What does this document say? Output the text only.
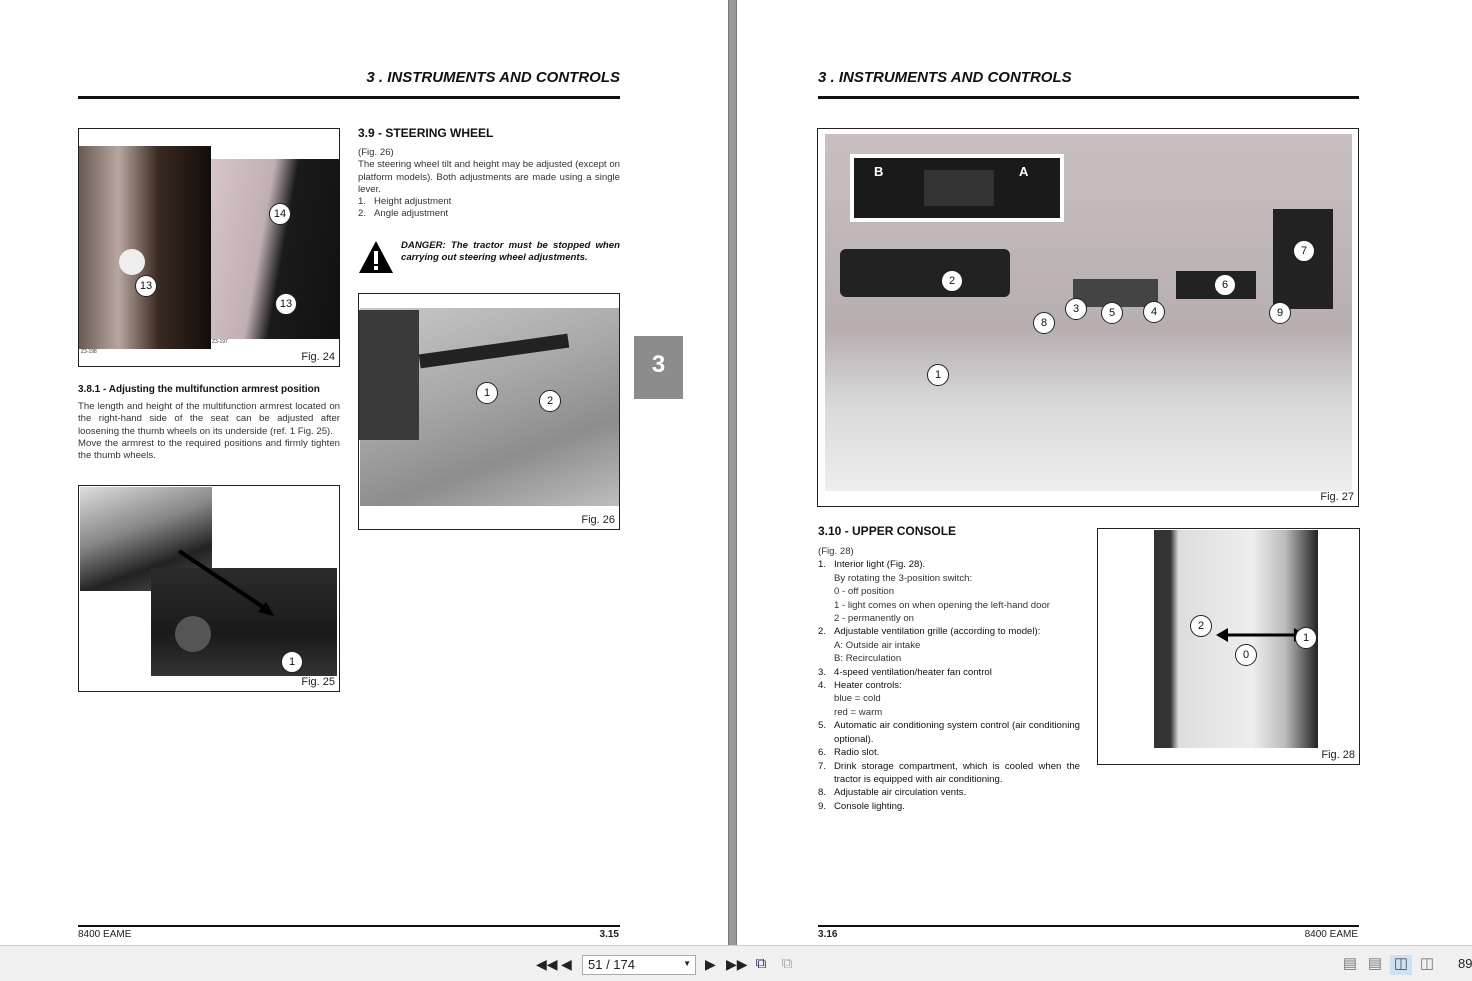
3 . INSTRUMENTS AND CONTROLS
14
13
13
Z3-198
Z3-197
Fig. 24
3.8.1 - Adjusting the multifunction armrest position
The length and height of the multifunction armrest located on the right-hand side of the seat can be adjusted after loosening the thumb wheels on its underside (ref. 1 Fig. 25).
Move the armrest to the required positions and firmly tighten the thumb wheels.
1
Fig. 25
3.9 - STEERING WHEEL
(Fig. 26)
The steering wheel tilt and height may be adjusted (except on platform models). Both adjustments are made using a single lever.
1. Height adjustment
2. Angle adjustment
DANGER: The tractor must be stopped when carrying out steering wheel adjustments.
1
2
Fig. 26
3
8400 EAME	3.15
3 . INSTRUMENTS AND CONTROLS
B	A
2
7
6
3	5	4	9
8
1
Fig. 27
3.10 - UPPER CONSOLE
(Fig. 28)
1. Interior light (Fig. 28).
By rotating the 3-position switch:
0 - off position
1 - light comes on when opening the left-hand door
2 - permanently on
2. Adjustable ventilation grille (according to model):
A: Outside air intake
B: Recirculation
3. 4-speed ventilation/heater fan control
4. Heater controls:
blue = cold
red = warm
5. Automatic air conditioning system control (air conditioning optional).
6. Radio slot.
7. Drink storage compartment, which is cooled when the tractor is equipped with air conditioning.
8. Adjustable air circulation vents.
9. Console lighting.
2
1
0
Fig. 28
3.16	8400 EAME
◀◀ ◀	51 / 174	▼ ▶ ▶▶ ⧉	⧉	▤ ▤ ◫ ◫	89
